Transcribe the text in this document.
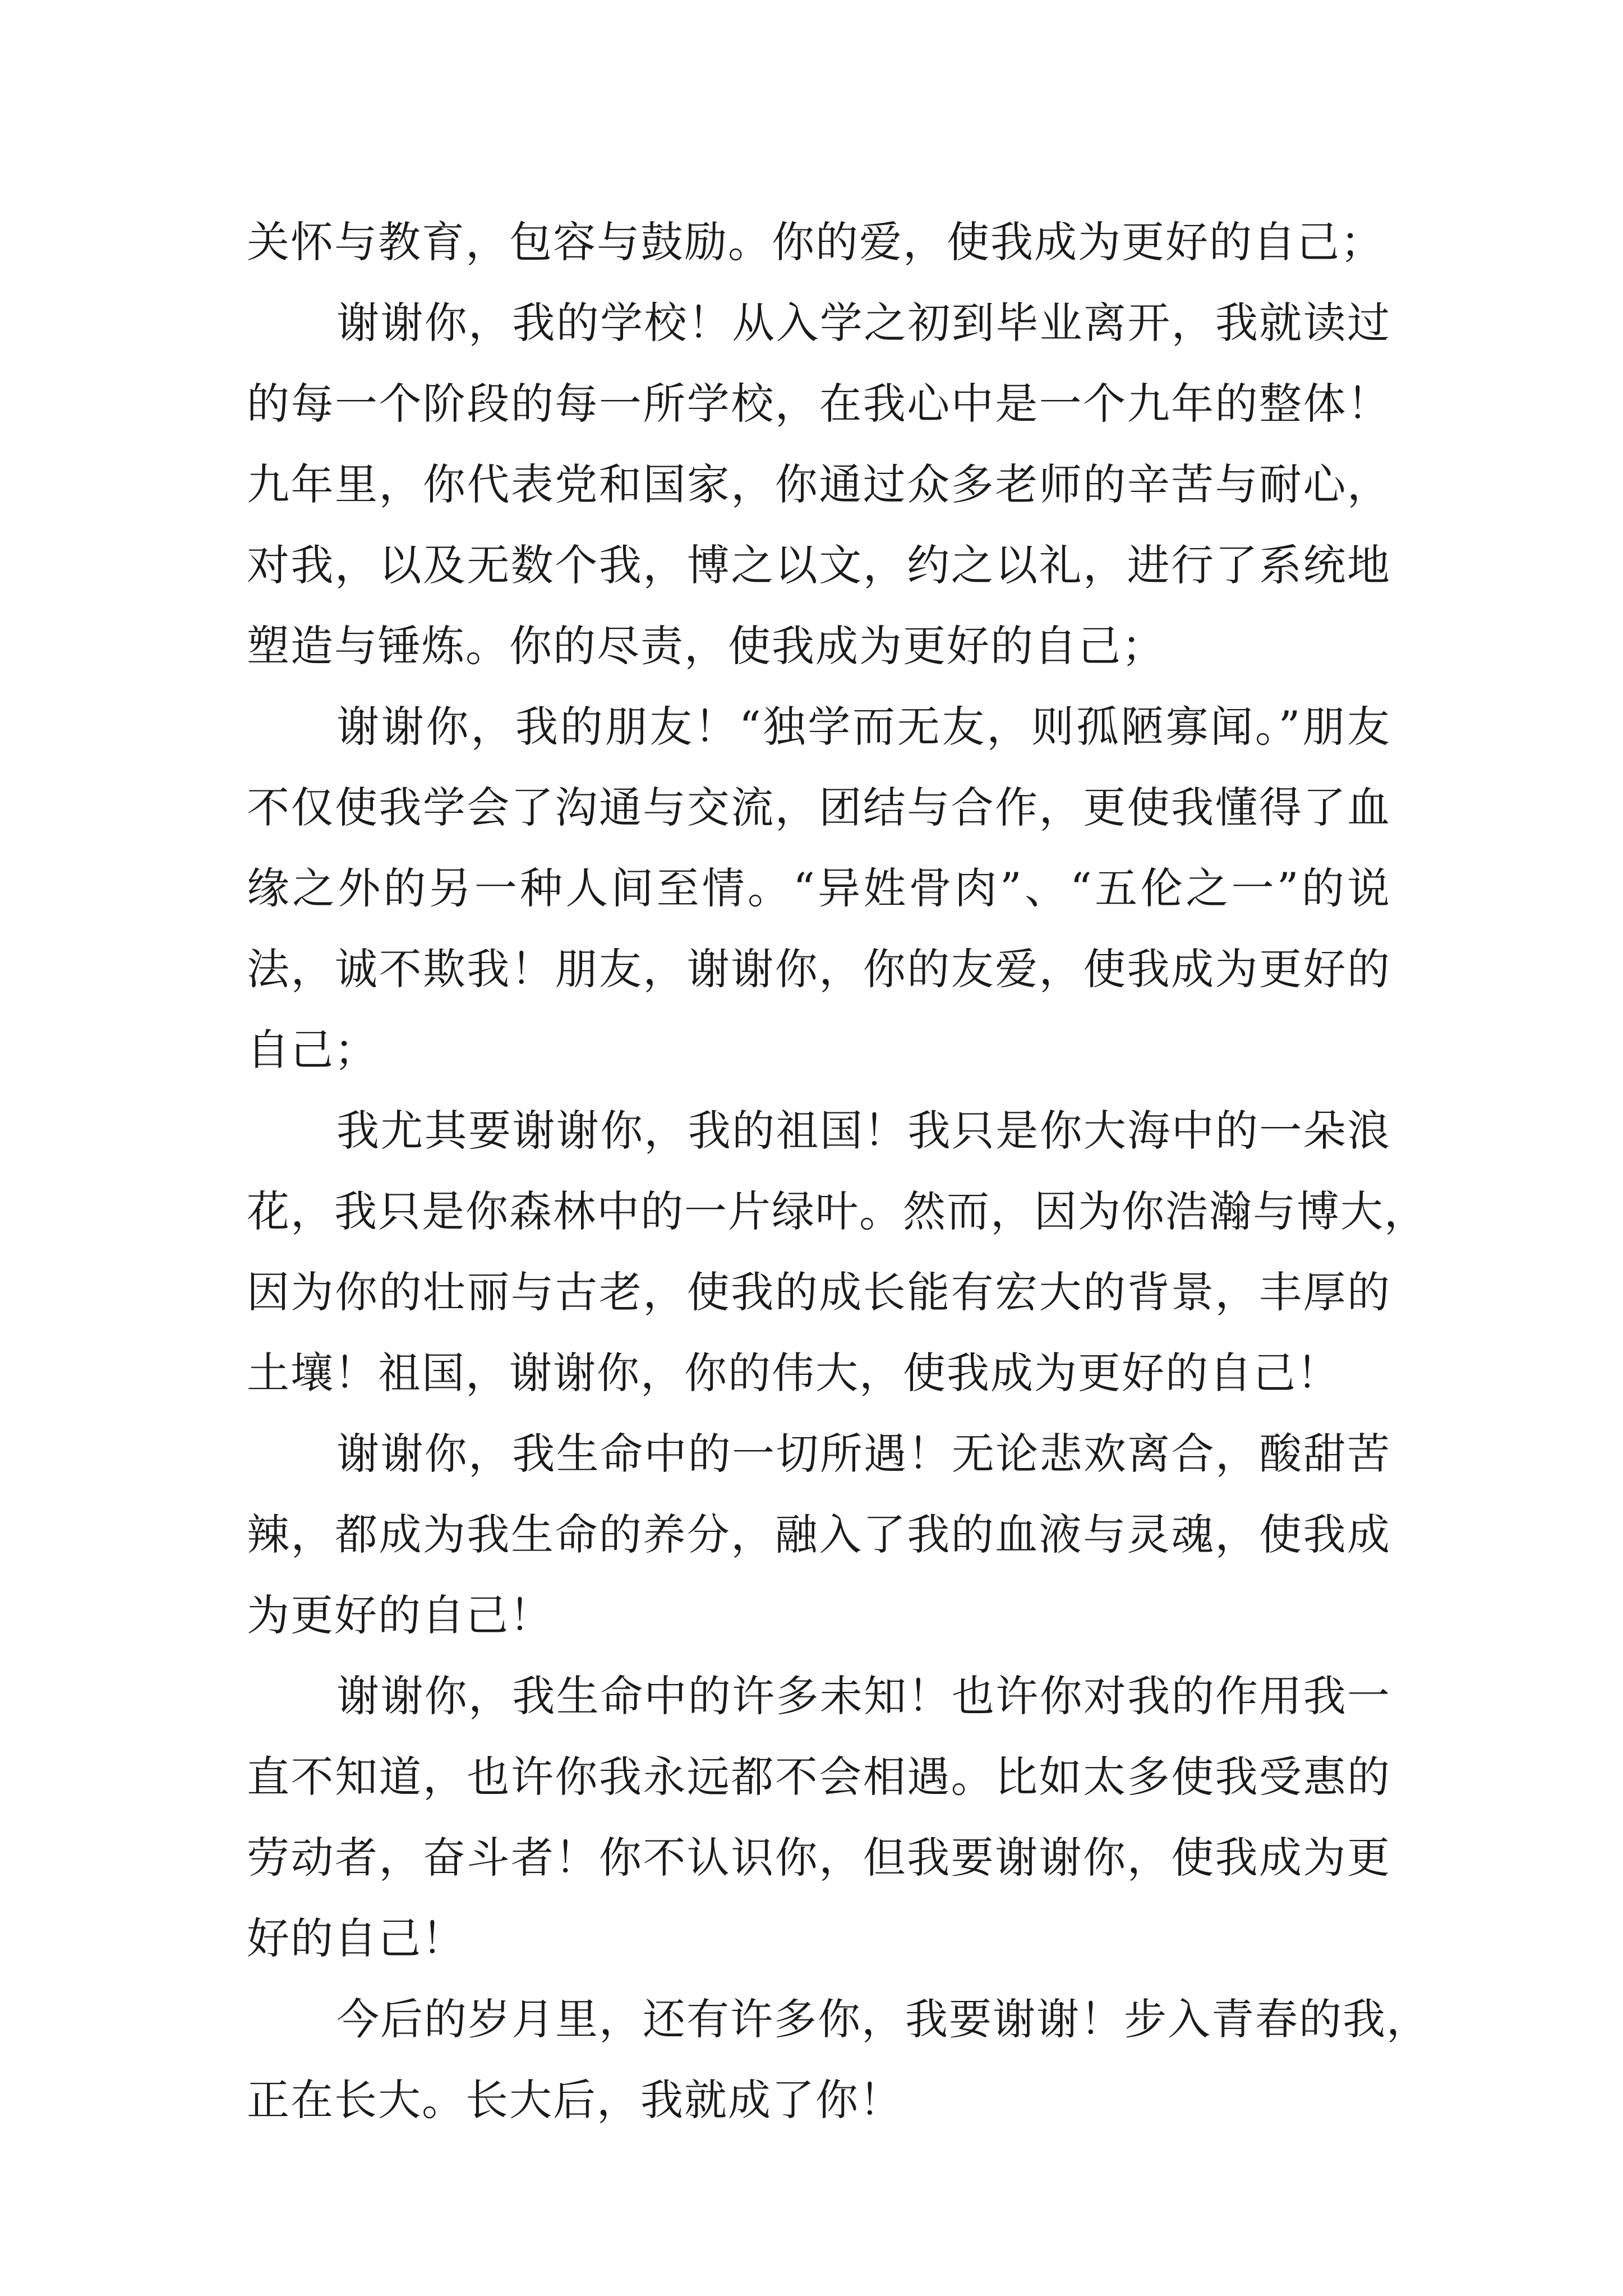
关怀与教育，包容与鼓励。你的爱，使我成为更好的自己；
谢谢你，我的学校！从入学之初到毕业离开，我就读过
的每一个阶段的每一所学校，在我心中是一个九年的整体！
九年里，你代表党和国家，你通过众多老师的辛苦与耐心，
对我，以及无数个我，博之以文，约之以礼，进行了系统地
塑造与锤炼。你的尽责，使我成为更好的自己；
谢谢你，我的朋友！“独学而无友，则孤陋寡闻。”朋友
不仅使我学会了沟通与交流，团结与合作，更使我懂得了血
缘之外的另一种人间至情。“异姓骨肉”、“五伦之一”的说
法，诚不欺我！朋友，谢谢你，你的友爱，使我成为更好的
自己；
我尤其要谢谢你，我的祖国！我只是你大海中的一朵浪
花，我只是你森林中的一片绿叶。然而，因为你浩瀚与博大，
因为你的壮丽与古老，使我的成长能有宏大的背景，丰厚的
土壤！祖国，谢谢你，你的伟大，使我成为更好的自己！
谢谢你，我生命中的一切所遇！无论悲欢离合，酸甜苦
辣，都成为我生命的养分，融入了我的血液与灵魂，使我成
为更好的自己！
谢谢你，我生命中的许多未知！也许你对我的作用我一
直不知道，也许你我永远都不会相遇。比如太多使我受惠的
劳动者，奋斗者！你不认识你，但我要谢谢你，使我成为更
好的自己！
今后的岁月里，还有许多你，我要谢谢！步入青春的我，
正在长大。长大后，我就成了你！
